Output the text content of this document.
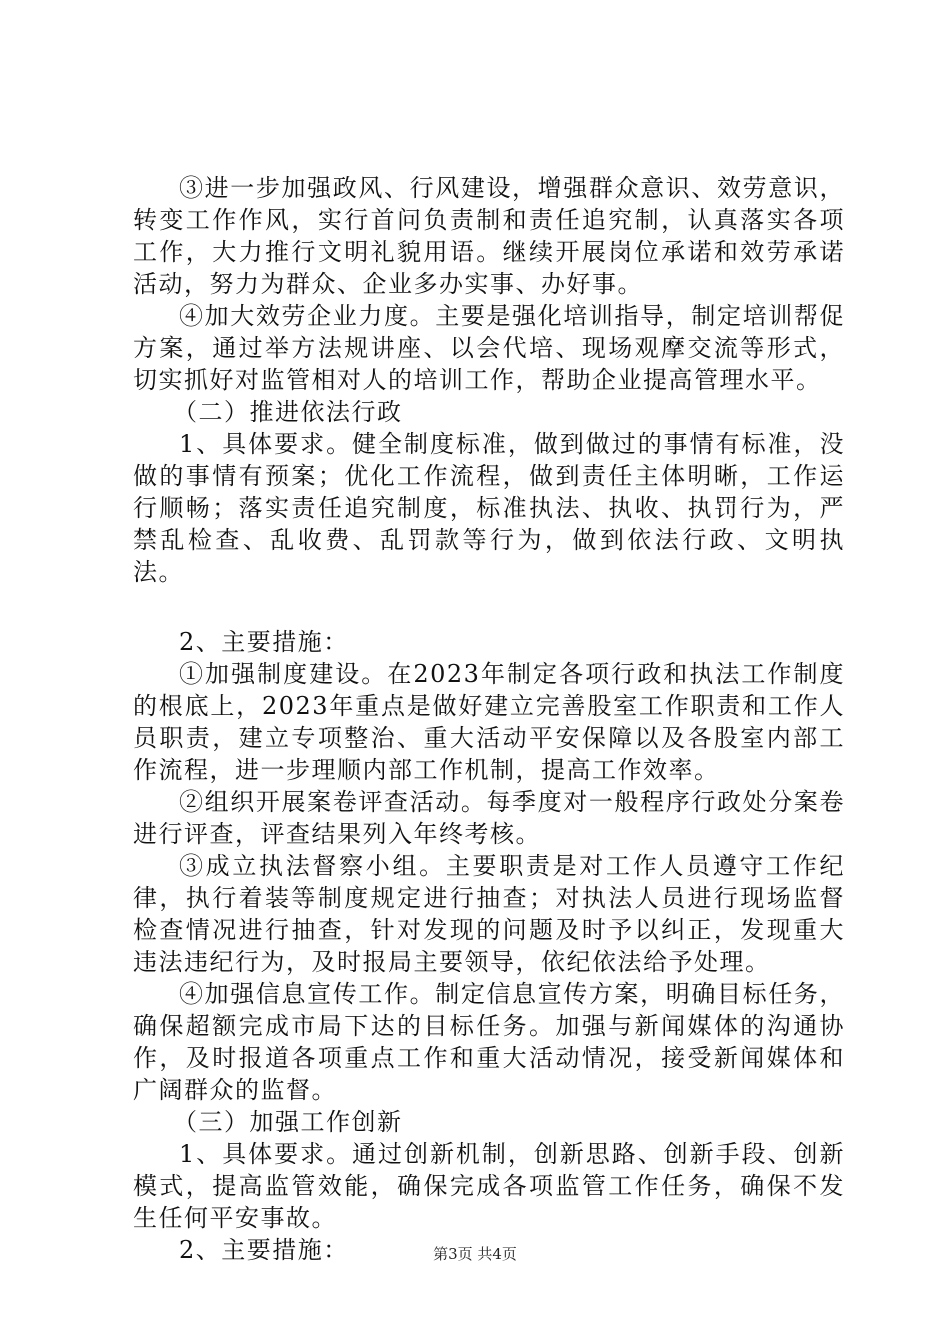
③进一步加强政风、行风建设，增强群众意识、效劳意识，转变工作作风，实行首问负责制和责任追究制，认真落实各项工作，大力推行文明礼貌用语。继续开展岗位承诺和效劳承诺活动，努力为群众、企业多办实事、办好事。

④加大效劳企业力度。主要是强化培训指导，制定培训帮促方案，通过举方法规讲座、以会代培、现场观摩交流等形式，切实抓好对监管相对人的培训工作，帮助企业提高管理水平。

（二）推进依法行政

1、具体要求。健全制度标准，做到做过的事情有标准，没做的事情有预案；优化工作流程，做到责任主体明晰，工作运行顺畅；落实责任追究制度，标准执法、执收、执罚行为，严禁乱检查、乱收费、乱罚款等行为，做到依法行政、文明执法。

2、主要措施：

①加强制度建设。在2023年制定各项行政和执法工作制度的根底上，2023年重点是做好建立完善股室工作职责和工作人员职责，建立专项整治、重大活动平安保障以及各股室内部工作流程，进一步理顺内部工作机制，提高工作效率。

②组织开展案卷评查活动。每季度对一般程序行政处分案卷进行评查，评查结果列入年终考核。

③成立执法督察小组。主要职责是对工作人员遵守工作纪律，执行着装等制度规定进行抽查；对执法人员进行现场监督检查情况进行抽查，针对发现的问题及时予以纠正，发现重大违法违纪行为，及时报局主要领导，依纪依法给予处理。

④加强信息宣传工作。制定信息宣传方案，明确目标任务，确保超额完成市局下达的目标任务。加强与新闻媒体的沟通协作，及时报道各项重点工作和重大活动情况，接受新闻媒体和广阔群众的监督。

（三）加强工作创新

1、具体要求。通过创新机制，创新思路、创新手段、创新模式，提高监管效能，确保完成各项监管工作任务，确保不发生任何平安事故。

2、主要措施：	第3页 共4页
